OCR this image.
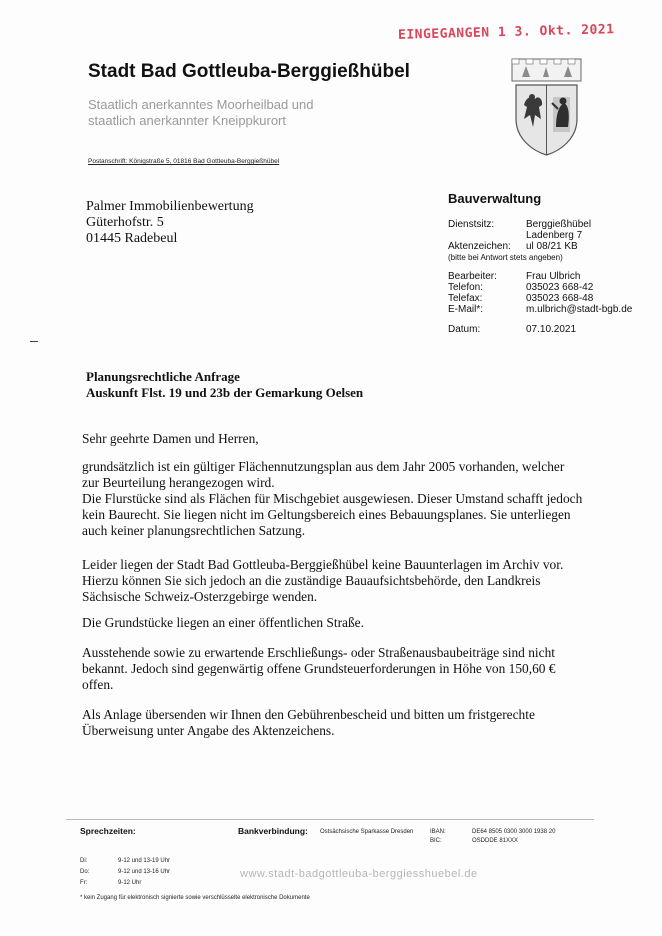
EINGEGANGEN 1 3. Okt. 2021
Stadt Bad Gottleuba-Berggießhübel
Staatlich anerkanntes Moorheilbad und
staatlich anerkannter Kneippkurort
Postanschrift: Königstraße 5, 01816 Bad Gottleuba-Berggießhübel
Palmer Immobilienbewertung
Güterhofstr. 5
01445 Radebeul
Bauverwaltung
Dienstsitz:	Berggießhübel
Ladenberg 7
Aktenzeichen: ul 08/21 KB
(bitte bei Antwort stets angeben)
Bearbeiter:	Frau Ulbrich
Telefon:	035023 668-42
Telefax:	035023 668-48
E-Mail*:	m.ulbrich@stadt-bgb.de
Datum:	07.10.2021
Planungsrechtliche Anfrage
Auskunft Flst. 19 und 23b der Gemarkung Oelsen
Sehr geehrte Damen und Herren,
grundsätzlich ist ein gültiger Flächennutzungsplan aus dem Jahr 2005 vorhanden, welcher
zur Beurteilung herangezogen wird.
Die Flurstücke sind als Flächen für Mischgebiet ausgewiesen. Dieser Umstand schafft jedoch
kein Baurecht. Sie liegen nicht im Geltungsbereich eines Bebauungsplanes. Sie unterliegen
auch keiner planungsrechtlichen Satzung.
Leider liegen der Stadt Bad Gottleuba-Berggießhübel keine Bauunterlagen im Archiv vor.
Hierzu können Sie sich jedoch an die zuständige Bauaufsichtsbehörde, den Landkreis
Sächsische Schweiz-Osterzgebirge wenden.
Die Grundstücke liegen an einer öffentlichen Straße.
Ausstehende sowie zu erwartende Erschließungs- oder Straßenausbaubeiträge sind nicht
bekannt. Jedoch sind gegenwärtig offene Grundsteuerforderungen in Höhe von 150,60 €
offen.
Als Anlage übersenden wir Ihnen den Gebührenbescheid und bitten um fristgerechte
Überweisung unter Angabe des Aktenzeichens.
Sprechzeiten:	Bankverbindung: Ostsächsische Sparkasse Dresden	IBAN:	DE64 8505 0300 3000 1938 20
BIC:	OSDDDE 81XXX
Di:	9-12 und 13-19 Uhr
Do:	9-12 und 13-16 Uhr
Fr:	9-12 Uhr
www.stadt-badgottleuba-berggiesshuebel.de
* kein Zugang für elektronisch signierte sowie verschlüsselte elektronische Dokumente
